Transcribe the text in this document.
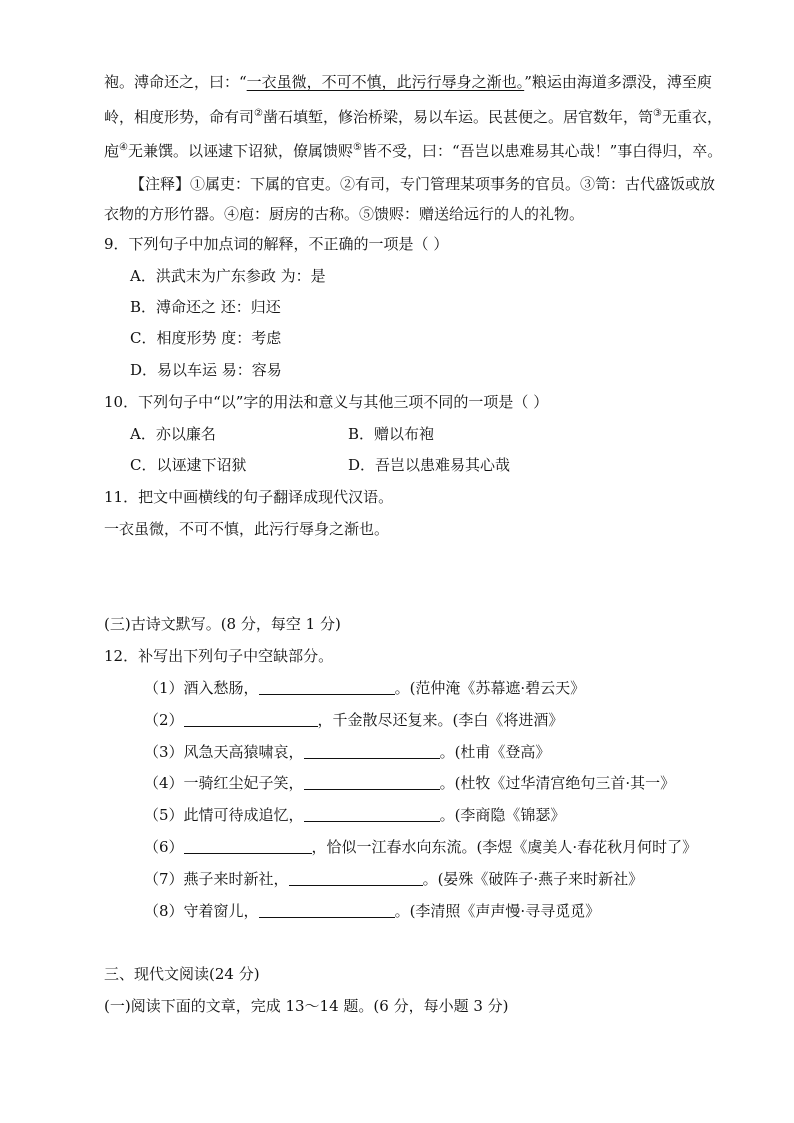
袍。溥命还之，曰：“一衣虽微，不可不慎，此污行辱身之渐也。”粮运由海道多漂没，溥至庾
岭，相度形势，命有司②凿石填堑，修治桥梁，易以车运。民甚便之。居官数年，笥③无重衣，
庖④无兼馔。以诬逮下诏狱，僚属馈赆⑤皆不受，曰：“吾岂以患难易其心哉！”事白得归，卒。
【注释】①属吏：下属的官吏。②有司，专门管理某项事务的官员。③笥：古代盛饭或放
衣物的方形竹器。④庖：厨房的古称。⑤馈赆：赠送给远行的人的礼物。
9．下列句子中加点词的解释，不正确的一项是（ ）
A．洪武末为广东参政 为：是
B．溥命还之 还：归还
C．相度形势 度：考虑
D．易以车运 易：容易
10．下列句子中“以”字的用法和意义与其他三项不同的一项是（ ）
A．亦以廉名	B．赠以布袍
C．以诬逮下诏狱	D．吾岂以患难易其心哉
11．把文中画横线的句子翻译成现代汉语。
一衣虽微，不可不慎，此污行辱身之渐也。
(三)古诗文默写。(8 分，每空 1 分)
12．补写出下列句子中空缺部分。
（1）酒入愁肠，	。(范仲淹《苏幕遮·碧云天》
（2）	，千金散尽还复来。(李白《将进酒》
（3）风急天高猿啸哀，	。(杜甫《登高》
（4）一骑红尘妃子笑，	。(杜牧《过华清宫绝句三首·其一》
（5）此情可待成追忆，	。(李商隐《锦瑟》
（6）	，恰似一江春水向东流。(李煜《虞美人·春花秋月何时了》
（7）燕子来时新社，	。(晏殊《破阵子·燕子来时新社》
（8）守着窗儿，	。(李清照《声声慢·寻寻觅觅》
三、现代文阅读(24 分)
(一)阅读下面的文章，完成 13～14 题。(6 分，每小题 3 分)
